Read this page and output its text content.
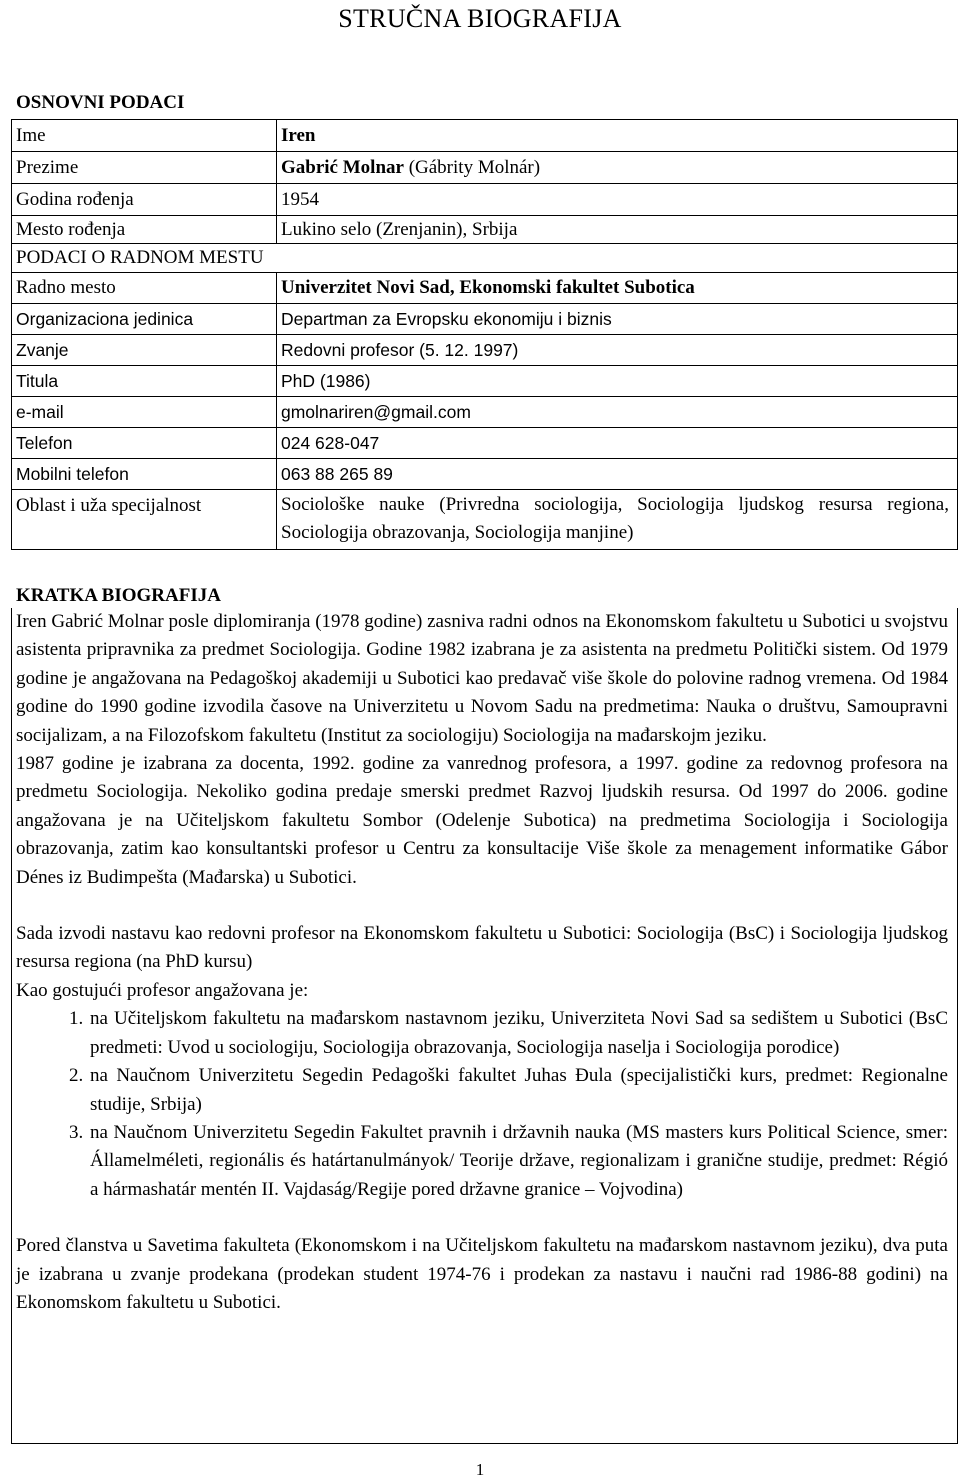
STRUČNA BIOGRAFIJA
OSNOVNI PODACI
Ime	Iren
Prezime	Gabrić Molnar (Gábrity Molnár)
Godina rođenja	1954
Mesto rođenja	Lukino selo (Zrenjanin), Srbija
PODACI O RADNOM MESTU	
Radno mesto	Univerzitet Novi Sad, Ekonomski fakultet Subotica
Organizaciona jedinica	Departman za Evropsku ekonomiju i biznis
Zvanje	Redovni profesor (5. 12. 1997)
Titula	PhD (1986)
e-mail	gmolnariren@gmail.com
Telefon	024 628-047
Mobilni telefon	063 88 265 89
Oblast i uža specijalnost	Sociološke nauke (Privredna sociologija, Sociologija ljudskog resursa regiona, Sociologija obrazovanja, Sociologija manjine)
KRATKA BIOGRAFIJA

Iren Gabrić Molnar posle diplomiranja (1978 godine) zasniva radni odnos na Ekonomskom fakultetu u Subotici u svojstvu asistenta pripravnika za predmet Sociologija. Godine 1982 izabrana je za asistenta na predmetu Politički sistem. Od 1979 godine je angažovana na Pedagoškoj akademiji u Subotici kao predavač više škole do polovine radnog vremena. Od 1984 godine do 1990 godine izvodila časove na Univerzitetu u Novom Sadu na predmetima: Nauka o društvu, Samoupravni socijalizam, a na Filozofskom fakultetu (Institut za sociologiju) Sociologija na mađarskojm jeziku.

1987 godine je izabrana za docenta, 1992. godine za vanrednog profesora, a 1997. godine za redovnog profesora na predmetu Sociologija. Nekoliko godina predaje smerski predmet Razvoj ljudskih resursa. Od 1997 do 2006. godine angažovana je na Učiteljskom fakultetu Sombor (Odelenje Subotica) na predmetima Sociologija i Sociologija obrazovanja, zatim kao konsultantski profesor u Centru za konsultacije Više škole za menagement informatike Gábor Dénes iz Budimpešta (Mađarska) u Subotici.

Sada izvodi nastavu kao redovni profesor na Ekonomskom fakultetu u Subotici: Sociologija (BsC) i Sociologija ljudskog resursa regiona (na PhD kursu)

Kao gostujući profesor angažovana je:

1. na Učiteljskom fakultetu na mađarskom nastavnom jeziku, Univerziteta Novi Sad sa sedištem u Subotici (BsC predmeti: Uvod u sociologiju, Sociologija obrazovanja, Sociologija naselja i Sociologija porodice)
2. na Naučnom Univerzitetu Segedin Pedagoški fakultet Juhas Đula (specijalistički kurs, predmet: Regionalne studije, Srbija)
3. na Naučnom Univerzitetu Segedin Fakultet pravnih i državnih nauka (MS masters kurs Political Science, smer: Államelméleti, regionális és határtanulmányok/ Teorije države, regionalizam i granične studije, predmet: Régió a hármashatár mentén II. Vajdaság/Regije pored državne granice – Vojvodina)

Pored članstva u Savetima fakulteta (Ekonomskom i na Učiteljskom fakultetu na mađarskom nastavnom jeziku), dva puta je izabrana u zvanje prodekana (prodekan student 1974-76 i prodekan za nastavu i naučni rad 1986-88 godini) na Ekonomskom fakultetu u Subotici.

1
